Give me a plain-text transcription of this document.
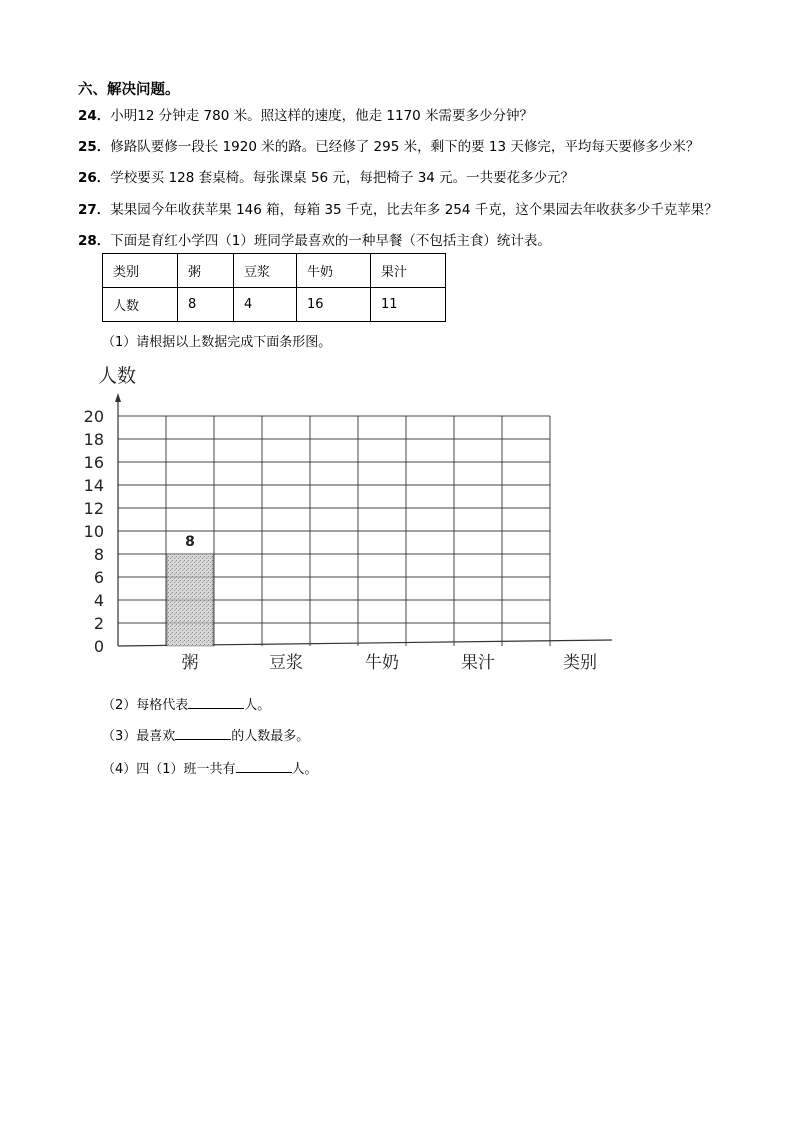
六、解决问题。
24．小明12 分钟走 780 米。照这样的速度，他走 1170 米需要多少分钟？
25．修路队要修一段长 1920 米的路。已经修了 295 米，剩下的要 13 天修完，平均每天要修多少米？
26．学校要买 128 套桌椅。每张课桌 56 元，每把椅子 34 元。一共要花多少元？
27．某果园今年收获苹果 146 箱，每箱 35 千克，比去年多 254 千克，这个果园去年收获多少千克苹果？
28．下面是育红小学四（1）班同学最喜欢的一种早餐（不包括主食）统计表。
类别	粥	豆浆	牛奶	果汁
人数	8	4	16	11
（1）请根据以上数据完成下面条形图。
0
2
4
6
8
10
12
14
16
18
20
人数
粥	豆浆	牛奶	果汁	类别
8
（2）每格代表	人。
（3）最喜欢	的人数最多。
（4）四（1）班一共有	人。
